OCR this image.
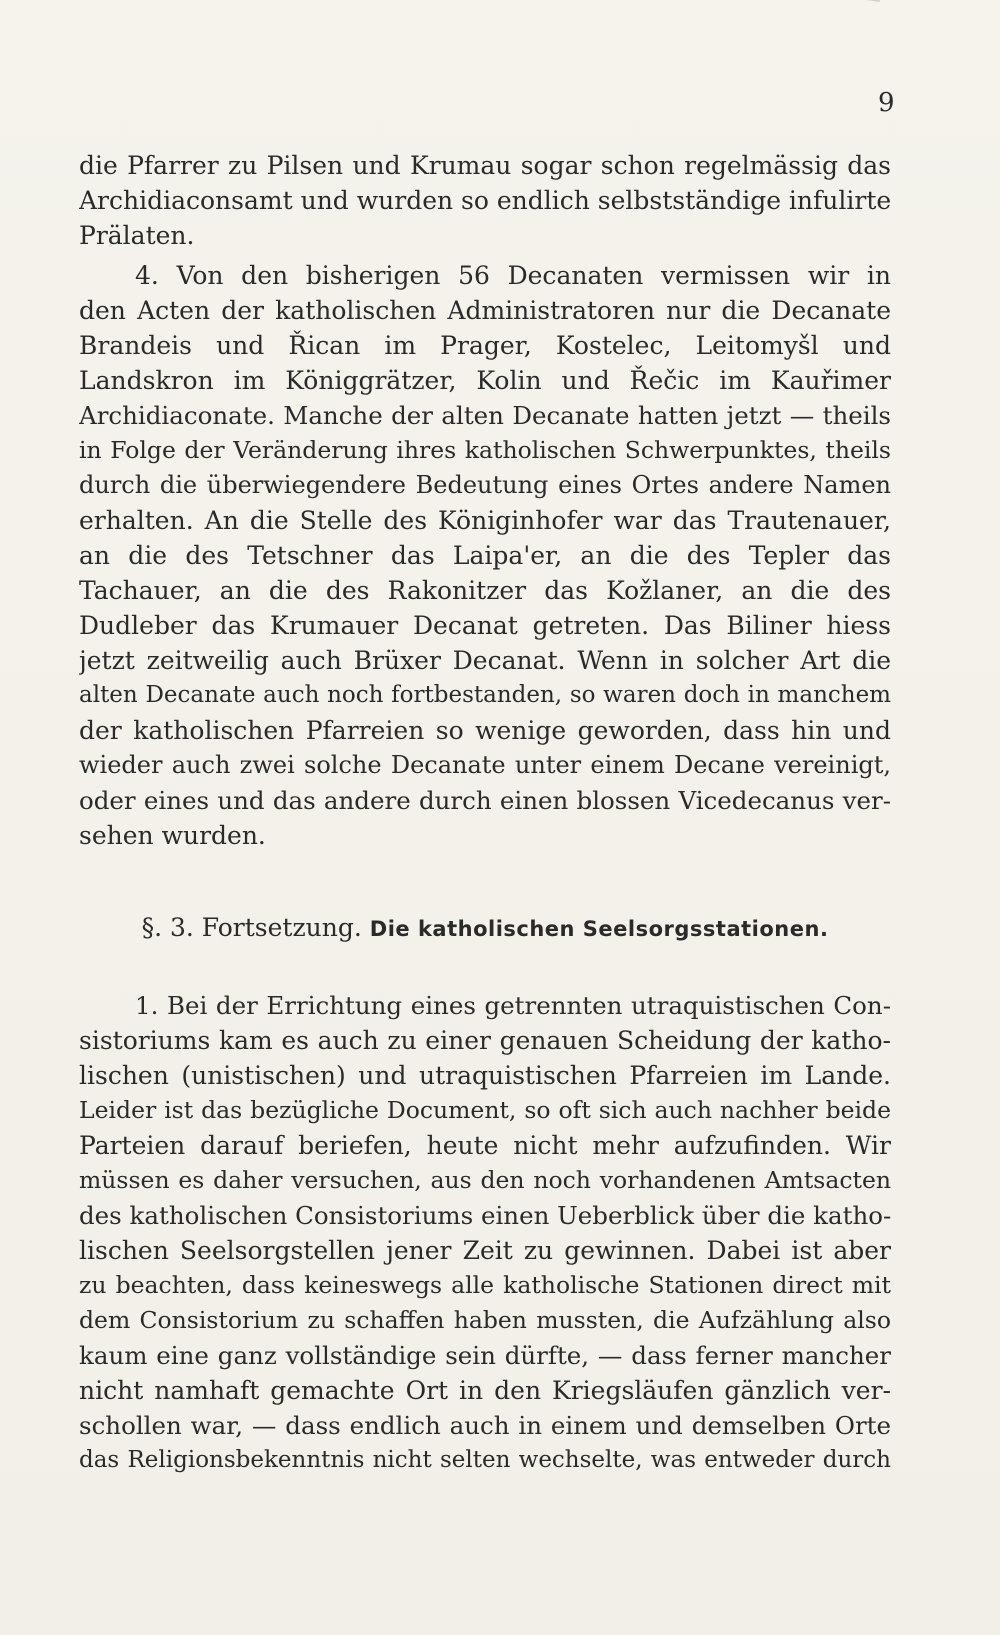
9
die Pfarrer zu Pilsen und Krumau sogar schon regelmässig das
Archidiaconsamt und wurden so endlich selbstständige infulirte
Prälaten.
4. Von den bisherigen 56 Decanaten vermissen wir in
den Acten der katholischen Administratoren nur die Decanate
Brandeis und Řican im Prager, Kostelec, Leitomyšl und
Landskron im Königgrätzer, Kolin und Řečic im Kauřimer
Archidiaconate. Manche der alten Decanate hatten jetzt — theils
in Folge der Veränderung ihres katholischen Schwerpunktes, theils
durch die überwiegendere Bedeutung eines Ortes andere Namen
erhalten. An die Stelle des Königinhofer war das Trautenauer,
an die des Tetschner das Laipa'er, an die des Tepler das
Tachauer, an die des Rakonitzer das Kožlaner, an die des
Dudleber das Krumauer Decanat getreten. Das Biliner hiess
jetzt zeitweilig auch Brüxer Decanat. Wenn in solcher Art die
alten Decanate auch noch fortbestanden, so waren doch in manchem
der katholischen Pfarreien so wenige geworden, dass hin und
wieder auch zwei solche Decanate unter einem Decane vereinigt,
oder eines und das andere durch einen blossen Vicedecanus ver-
sehen wurden.
§. 3. Fortsetzung. Die katholischen Seelsorgsstationen.
1. Bei der Errichtung eines getrennten utraquistischen Con-
sistoriums kam es auch zu einer genauen Scheidung der katho-
lischen (unistischen) und utraquistischen Pfarreien im Lande.
Leider ist das bezügliche Document, so oft sich auch nachher beide
Parteien darauf beriefen, heute nicht mehr aufzufinden. Wir
müssen es daher versuchen, aus den noch vorhandenen Amtsacten
des katholischen Consistoriums einen Ueberblick über die katho-
lischen Seelsorgstellen jener Zeit zu gewinnen. Dabei ist aber
zu beachten, dass keineswegs alle katholische Stationen direct mit
dem Consistorium zu schaffen haben mussten, die Aufzählung also
kaum eine ganz vollständige sein dürfte, — dass ferner mancher
nicht namhaft gemachte Ort in den Kriegsläufen gänzlich ver-
schollen war, — dass endlich auch in einem und demselben Orte
das Religionsbekenntnis nicht selten wechselte, was entweder durch
